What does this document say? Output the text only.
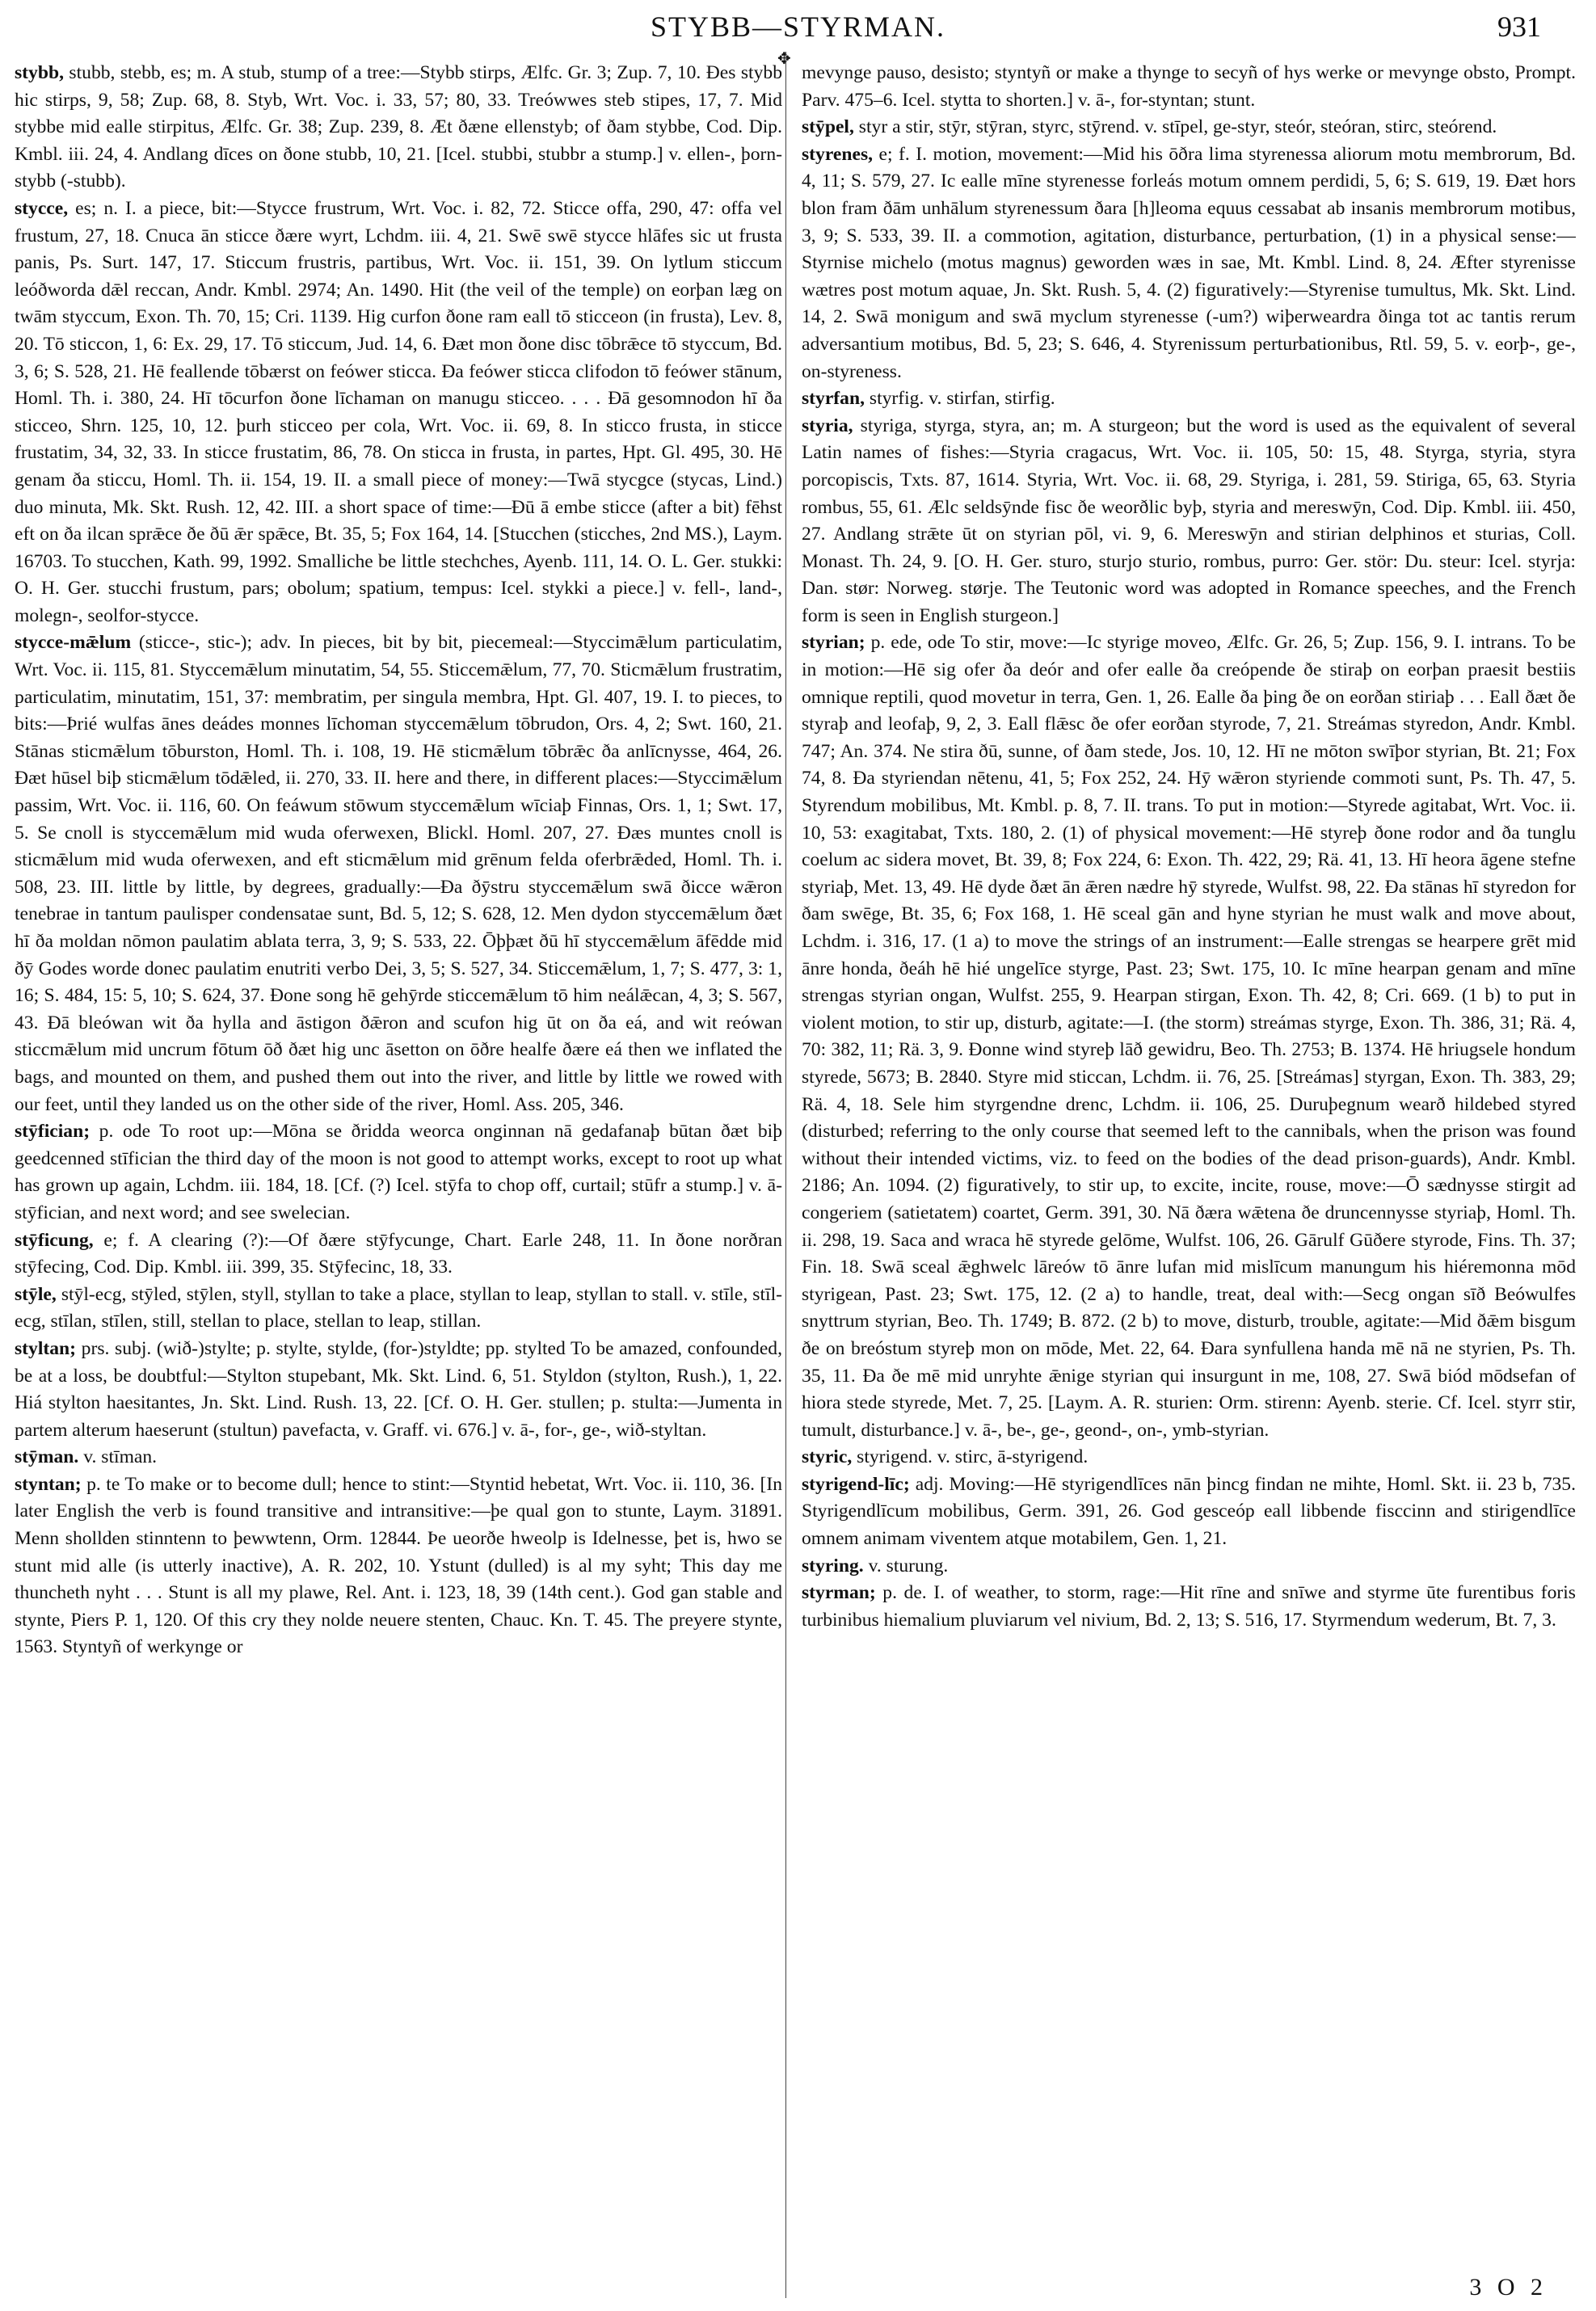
STYBB—STYRMAN.	931
✥

stybb, stubb, stebb, es; m. A stub, stump of a tree:—Stybb stirps, Ælfc. Gr. 3; Zup. 7, 10. Ðes stybb hic stirps, 9, 58; Zup. 68, 8. Styb, Wrt. Voc. i. 33, 57; 80, 33. Treówwes steb stipes, 17, 7. Mid stybbe mid ealle stirpitus, Ælfc. Gr. 38; Zup. 239, 8. Æt ðæne ellenstyb; of ðam stybbe, Cod. Dip. Kmbl. iii. 24, 4. Andlang dīces on ðone stubb, 10, 21. [Icel. stubbi, stubbr a stump.] v. ellen-, þorn-stybb (-stubb).

stycce, es; n. I. a piece, bit:—Stycce frustrum, Wrt. Voc. i. 82, 72. Sticce offa, 290, 47: offa vel frustum, 27, 18. Cnuca ān sticce ðære wyrt, Lchdm. iii. 4, 21. Swē swē stycce hlāfes sic ut frusta panis, Ps. Surt. 147, 17. Sticcum frustris, partibus, Wrt. Voc. ii. 151, 39. On lytlum sticcum leóðworda dǣl reccan, Andr. Kmbl. 2974; An. 1490. Hit (the veil of the temple) on eorþan læg on twām styccum, Exon. Th. 70, 15; Cri. 1139. Hig curfon ðone ram eall tō sticceon (in frusta), Lev. 8, 20. Tō sticcon, 1, 6: Ex. 29, 17. Tō sticcum, Jud. 14, 6. Ðæt mon ðone disc tōbrǣce tō styccum, Bd. 3, 6; S. 528, 21. Hē feallende tōbærst on feówer sticca. Ða feówer sticca clifodon tō feówer stānum, Homl. Th. i. 380, 24. Hī tōcurfon ðone līchaman on manugu sticceo. . . . Ðā gesomnodon hī ða sticceo, Shrn. 125, 10, 12. þurh sticceo per cola, Wrt. Voc. ii. 69, 8. In sticco frusta, in sticce frustatim, 34, 32, 33. In sticce frustatim, 86, 78. On sticca in frusta, in partes, Hpt. Gl. 495, 30. Hē genam ða sticcu, Homl. Th. ii. 154, 19. II. a small piece of money:—Twā stycgce (stycas, Lind.) duo minuta, Mk. Skt. Rush. 12, 42. III. a short space of time:—Ðū ā embe sticce (after a bit) fēhst eft on ða ilcan sprǣce ðe ðū ǣr spǣce, Bt. 35, 5; Fox 164, 14. [Stucchen (sticches, 2nd MS.), Laym. 16703. To stucchen, Kath. 99, 1992. Smalliche be little stechches, Ayenb. 111, 14. O. L. Ger. stukki: O. H. Ger. stucchi frustum, pars; obolum; spatium, tempus: Icel. stykki a piece.] v. fell-, land-, molegn-, seolfor-stycce.

stycce-mǣlum (sticce-, stic-); adv. In pieces, bit by bit, piecemeal:—Styccimǣlum particulatim, Wrt. Voc. ii. 115, 81. Styccemǣlum minutatim, 54, 55. Sticcemǣlum, 77, 70. Sticmǣlum frustratim, particulatim, minutatim, 151, 37: membratim, per singula membra, Hpt. Gl. 407, 19. I. to pieces, to bits:—Þrié wulfas ānes deádes monnes līchoman styccemǣlum tōbrudon, Ors. 4, 2; Swt. 160, 21. Stānas sticmǣlum tōburston, Homl. Th. i. 108, 19. Hē sticmǣlum tōbrǣc ða anlīcnysse, 464, 26. Ðæt hūsel biþ sticmǣlum tōdǣled, ii. 270, 33. II. here and there, in different places:—Styccimǣlum passim, Wrt. Voc. ii. 116, 60. On feáwum stōwum styccemǣlum wīciaþ Finnas, Ors. 1, 1; Swt. 17, 5. Se cnoll is styccemǣlum mid wuda oferwexen, Blickl. Homl. 207, 27. Ðæs muntes cnoll is sticmǣlum mid wuda oferwexen, and eft sticmǣlum mid grēnum felda oferbrǣded, Homl. Th. i. 508, 23. III. little by little, by degrees, gradually:—Ða ðȳstru styccemǣlum swā ðicce wǣron tenebrae in tantum paulisper condensatae sunt, Bd. 5, 12; S. 628, 12. Men dydon styccemǣlum ðæt hī ða moldan nōmon paulatim ablata terra, 3, 9; S. 533, 22. Ōþþæt ðū hī styccemǣlum āfēdde mid ðȳ Godes worde donec paulatim enutriti verbo Dei, 3, 5; S. 527, 34. Sticcemǣlum, 1, 7; S. 477, 3: 1, 16; S. 484, 15: 5, 10; S. 624, 37. Ðone song hē gehȳrde sticcemǣlum tō him neálǣcan, 4, 3; S. 567, 43. Ðā bleówan wit ða hylla and āstigon ðǣron and scufon hig ūt on ða eá, and wit reówan sticcmǣlum mid uncrum fōtum ōð ðæt hig unc āsetton on ōðre healfe ðære eá then we inflated the bags, and mounted on them, and pushed them out into the river, and little by little we rowed with our feet, until they landed us on the other side of the river, Homl. Ass. 205, 346.

stȳfician; p. ode To root up:—Mōna se ðridda weorca onginnan nā gedafanaþ būtan ðæt biþ geedcenned stīfician the third day of the moon is not good to attempt works, except to root up what has grown up again, Lchdm. iii. 184, 18. [Cf. (?) Icel. stȳfa to chop off, curtail; stūfr a stump.] v. ā-stȳfician, and next word; and see swelecian.

stȳficung, e; f. A clearing (?):—Of ðære stȳfycunge, Chart. Earle 248, 11. In ðone norðran stȳfecing, Cod. Dip. Kmbl. iii. 399, 35. Stȳfecinc, 18, 33.

stȳle, stȳl-ecg, stȳled, stȳlen, styll, styllan to take a place, styllan to leap, styllan to stall. v. stīle, stīl-ecg, stīlan, stīlen, still, stellan to place, stellan to leap, stillan.

styltan; prs. subj. (wið-)stylte; p. stylte, stylde, (for-)styldte; pp. stylted To be amazed, confounded, be at a loss, be doubtful:—Stylton stupebant, Mk. Skt. Lind. 6, 51. Styldon (stylton, Rush.), 1, 22. Hiá stylton haesitantes, Jn. Skt. Lind. Rush. 13, 22. [Cf. O. H. Ger. stullen; p. stulta:—Jumenta in partem alterum haeserunt (stultun) pavefacta, v. Graff. vi. 676.] v. ā-, for-, ge-, wið-styltan.

stȳman. v. stīman.

styntan; p. te To make or to become dull; hence to stint:—Styntid hebetat, Wrt. Voc. ii. 110, 36. [In later English the verb is found transitive and intransitive:—þe qual gon to stunte, Laym. 31891. Menn shollden stinntenn to þewwtenn, Orm. 12844. Þe ueorðe hweolp is Idelnesse, þet is, hwo se stunt mid alle (is utterly inactive), A. R. 202, 10. Ystunt (dulled) is al my syht; This day me thuncheth nyht . . . Stunt is all my plawe, Rel. Ant. i. 123, 18, 39 (14th cent.). God gan stable and stynte, Piers P. 1, 120. Of this cry they nolde neuere stenten, Chauc. Kn. T. 45. The preyere stynte, 1563. Styntyñ of werkynge or

mevynge pauso, desisto; styntyñ or make a thynge to secyñ of hys werke or mevynge obsto, Prompt. Parv. 475–6. Icel. stytta to shorten.] v. ā-, for-styntan; stunt.

stȳpel, styr a stir, stȳr, stȳran, styrc, stȳrend. v. stīpel, ge-styr, steór, steóran, stirc, steórend.

styrenes, e; f. I. motion, movement:—Mid his ōðra lima styrenessa aliorum motu membrorum, Bd. 4, 11; S. 579, 27. Ic ealle mīne styrenesse forleás motum omnem perdidi, 5, 6; S. 619, 19. Ðæt hors blon fram ðām unhālum styrenessum ðara [h]leoma equus cessabat ab insanis membrorum motibus, 3, 9; S. 533, 39. II. a commotion, agitation, disturbance, perturbation, (1) in a physical sense:—Styrnise michelo (motus magnus) geworden wæs in sae, Mt. Kmbl. Lind. 8, 24. Æfter styrenisse wætres post motum aquae, Jn. Skt. Rush. 5, 4. (2) figuratively:—Styrenise tumultus, Mk. Skt. Lind. 14, 2. Swā monigum and swā myclum styrenesse (-um?) wiþerweardra ðinga tot ac tantis rerum adversantium motibus, Bd. 5, 23; S. 646, 4. Styrenissum perturbationibus, Rtl. 59, 5. v. eorþ-, ge-, on-styreness.

styrfan, styrfig. v. stirfan, stirfig.

styria, styriga, styrga, styra, an; m. A sturgeon; but the word is used as the equivalent of several Latin names of fishes:—Styria cragacus, Wrt. Voc. ii. 105, 50: 15, 48. Styrga, styria, styra porcopiscis, Txts. 87, 1614. Styria, Wrt. Voc. ii. 68, 29. Styriga, i. 281, 59. Stiriga, 65, 63. Styria rombus, 55, 61. Ælc seldsȳnde fisc ðe weorðlic byþ, styria and mereswȳn, Cod. Dip. Kmbl. iii. 450, 27. Andlang strǣte ūt on styrian pōl, vi. 9, 6. Mereswȳn and stirian delphinos et sturias, Coll. Monast. Th. 24, 9. [O. H. Ger. sturo, sturjo sturio, rombus, purro: Ger. stör: Du. steur: Icel. styrja: Dan. stør: Norweg. størje. The Teutonic word was adopted in Romance speeches, and the French form is seen in English sturgeon.]

styrian; p. ede, ode To stir, move:—Ic styrige moveo, Ælfc. Gr. 26, 5; Zup. 156, 9. I. intrans. To be in motion:—Hē sig ofer ða deór and ofer ealle ða creópende ðe stiraþ on eorþan praesit bestiis omnique reptili, quod movetur in terra, Gen. 1, 26. Ealle ða þing ðe on eorðan stiriaþ . . . Eall ðæt ðe styraþ and leofaþ, 9, 2, 3. Eall flǣsc ðe ofer eorðan styrode, 7, 21. Streámas styredon, Andr. Kmbl. 747; An. 374. Ne stira ðū, sunne, of ðam stede, Jos. 10, 12. Hī ne mōton swīþor styrian, Bt. 21; Fox 74, 8. Ða styriendan nētenu, 41, 5; Fox 252, 24. Hȳ wǣron styriende commoti sunt, Ps. Th. 47, 5. Styrendum mobilibus, Mt. Kmbl. p. 8, 7. II. trans. To put in motion:—Styrede agitabat, Wrt. Voc. ii. 10, 53: exagitabat, Txts. 180, 2. (1) of physical movement:—Hē styreþ ðone rodor and ða tunglu coelum ac sidera movet, Bt. 39, 8; Fox 224, 6: Exon. Th. 422, 29; Rä. 41, 13. Hī heora āgene stefne styriaþ, Met. 13, 49. Hē dyde ðæt ān ǣren nædre hȳ styrede, Wulfst. 98, 22. Ða stānas hī styredon for ðam swēge, Bt. 35, 6; Fox 168, 1. Hē sceal gān and hyne styrian he must walk and move about, Lchdm. i. 316, 17. (1 a) to move the strings of an instrument:—Ealle strengas se hearpere grēt mid ānre honda, ðeáh hē hié ungelīce styrge, Past. 23; Swt. 175, 10. Ic mīne hearpan genam and mīne strengas styrian ongan, Wulfst. 255, 9. Hearpan stirgan, Exon. Th. 42, 8; Cri. 669. (1 b) to put in violent motion, to stir up, disturb, agitate:—I. (the storm) streámas styrge, Exon. Th. 386, 31; Rä. 4, 70: 382, 11; Rä. 3, 9. Ðonne wind styreþ lāð gewidru, Beo. Th. 2753; B. 1374. Hē hriugsele hondum styrede, 5673; B. 2840. Styre mid sticcan, Lchdm. ii. 76, 25. [Streámas] styrgan, Exon. Th. 383, 29; Rä. 4, 18. Sele him styrgendne drenc, Lchdm. ii. 106, 25. Duruþegnum wearð hildebed styred (disturbed; referring to the only course that seemed left to the cannibals, when the prison was found without their intended victims, viz. to feed on the bodies of the dead prison-guards), Andr. Kmbl. 2186; An. 1094. (2) figuratively, to stir up, to excite, incite, rouse, move:—Ō sædnysse stirgit ad congeriem (satietatem) coartet, Germ. 391, 30. Nā ðæra wǣtena ðe druncennysse styriaþ, Homl. Th. ii. 298, 19. Saca and wraca hē styrede gelōme, Wulfst. 106, 26. Gārulf Gūðere styrode, Fins. Th. 37; Fin. 18. Swā sceal ǣghwelc lāreów tō ānre lufan mid mislīcum manungum his hiéremonna mōd styrigean, Past. 23; Swt. 175, 12. (2 a) to handle, treat, deal with:—Secg ongan sīð Beówulfes snyttrum styrian, Beo. Th. 1749; B. 872. (2 b) to move, disturb, trouble, agitate:—Mid ðǣm bisgum ðe on breóstum styreþ mon on mōde, Met. 22, 64. Ðara synfullena handa mē nā ne styrien, Ps. Th. 35, 11. Ða ðe mē mid unryhte ǣnige styrian qui insurgunt in me, 108, 27. Swā biód mōdsefan of hiora stede styrede, Met. 7, 25. [Laym. A. R. sturien: Orm. stirenn: Ayenb. sterie. Cf. Icel. styrr stir, tumult, disturbance.] v. ā-, be-, ge-, geond-, on-, ymb-styrian.

styric, styrigend. v. stirc, ā-styrigend.

styrigend-līc; adj. Moving:—Hē styrigendlīces nān þincg findan ne mihte, Homl. Skt. ii. 23 b, 735. Styrigendlīcum mobilibus, Germ. 391, 26. God gesceóp eall libbende fisccinn and stirigendlīce omnem animam viventem atque motabilem, Gen. 1, 21.

styring. v. sturung.

styrman; p. de. I. of weather, to storm, rage:—Hit rīne and snīwe and styrme ūte furentibus foris turbinibus hiemalium pluviarum vel nivium, Bd. 2, 13; S. 516, 17. Styrmendum wederum, Bt. 7, 3.

3 O 2
